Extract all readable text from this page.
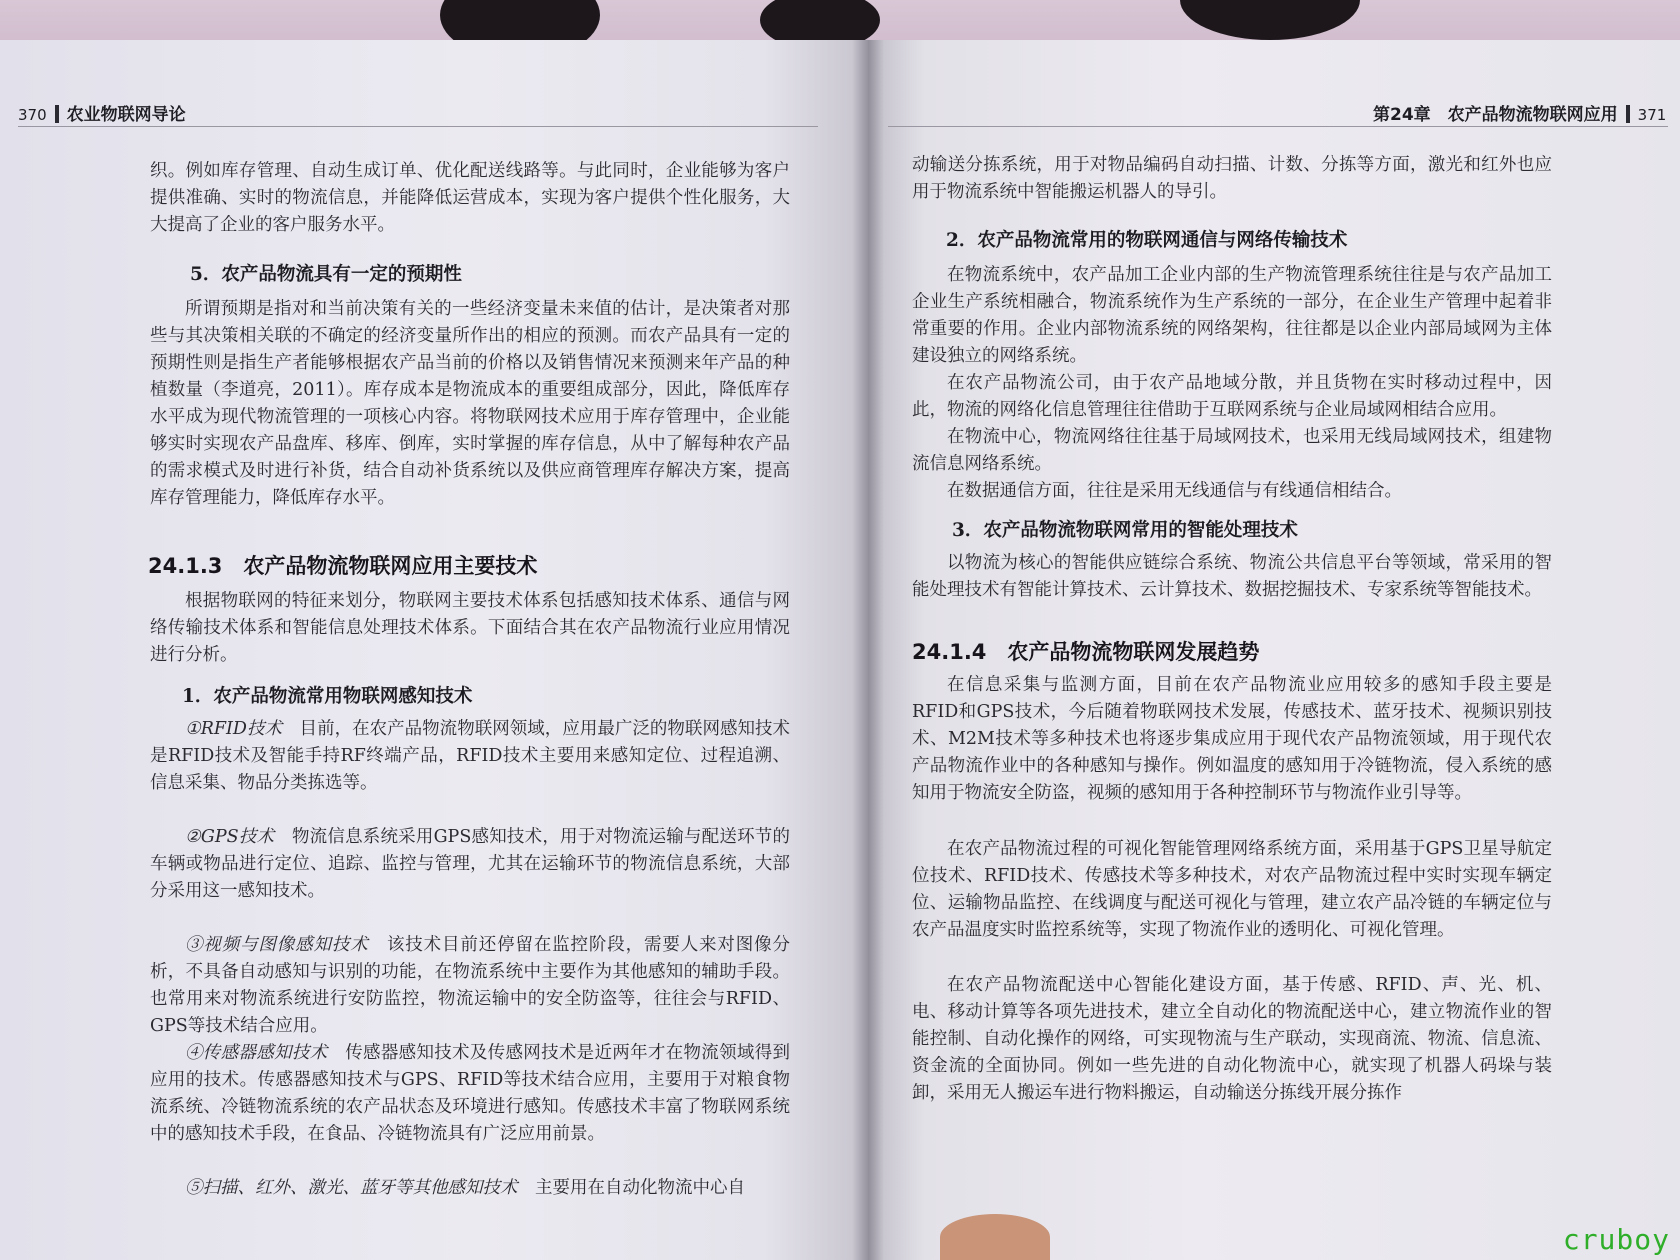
370 农业物联网导论

织。例如库存管理、自动生成订单、优化配送线路等。与此同时，企业能够为客户提供准确、实时的物流信息，并能降低运营成本，实现为客户提供个性化服务，大大提高了企业的客户服务水平。

5．农产品物流具有一定的预期性

所谓预期是指对和当前决策有关的一些经济变量未来值的估计，是决策者对那些与其决策相关联的不确定的经济变量所作出的相应的预测。而农产品具有一定的预期性则是指生产者能够根据农产品当前的价格以及销售情况来预测来年产品的种植数量（李道亮，2011）。库存成本是物流成本的重要组成部分，因此，降低库存水平成为现代物流管理的一项核心内容。将物联网技术应用于库存管理中，企业能够实时实现农产品盘库、移库、倒库，实时掌握的库存信息，从中了解每种农产品的需求模式及时进行补货，结合自动补货系统以及供应商管理库存解决方案，提高库存管理能力，降低库存水平。

24.1.3　农产品物流物联网应用主要技术

根据物联网的特征来划分，物联网主要技术体系包括感知技术体系、通信与网络传输技术体系和智能信息处理技术体系。下面结合其在农产品物流行业应用情况进行分析。

1．农产品物流常用物联网感知技术

①RFID技术　目前，在农产品物流物联网领域，应用最广泛的物联网感知技术是RFID技术及智能手持RF终端产品，RFID技术主要用来感知定位、过程追溯、信息采集、物品分类拣选等。

②GPS技术　物流信息系统采用GPS感知技术，用于对物流运输与配送环节的车辆或物品进行定位、追踪、监控与管理，尤其在运输环节的物流信息系统，大部分采用这一感知技术。

③视频与图像感知技术　该技术目前还停留在监控阶段，需要人来对图像分析，不具备自动感知与识别的功能，在物流系统中主要作为其他感知的辅助手段。也常用来对物流系统进行安防监控，物流运输中的安全防盗等，往往会与RFID、GPS等技术结合应用。

④传感器感知技术　传感器感知技术及传感网技术是近两年才在物流领域得到应用的技术。传感器感知技术与GPS、RFID等技术结合应用，主要用于对粮食物流系统、冷链物流系统的农产品状态及环境进行感知。传感技术丰富了物联网系统中的感知技术手段，在食品、冷链物流具有广泛应用前景。

⑤扫描、红外、激光、蓝牙等其他感知技术　主要用在自动化物流中心自

第24章　 农产品物流物联网应用 371

动输送分拣系统，用于对物品编码自动扫描、计数、分拣等方面，激光和红外也应用于物流系统中智能搬运机器人的导引。

2．农产品物流常用的物联网通信与网络传输技术

在物流系统中，农产品加工企业内部的生产物流管理系统往往是与农产品加工企业生产系统相融合，物流系统作为生产系统的一部分，在企业生产管理中起着非常重要的作用。企业内部物流系统的网络架构，往往都是以企业内部局域网为主体建设独立的网络系统。

在农产品物流公司，由于农产品地域分散，并且货物在实时移动过程中，因此，物流的网络化信息管理往往借助于互联网系统与企业局域网相结合应用。

在物流中心，物流网络往往基于局域网技术，也采用无线局域网技术，组建物流信息网络系统。

在数据通信方面，往往是采用无线通信与有线通信相结合。

3．农产品物流物联网常用的智能处理技术

以物流为核心的智能供应链综合系统、物流公共信息平台等领域，常采用的智能处理技术有智能计算技术、云计算技术、数据挖掘技术、专家系统等智能技术。

24.1.4　农产品物流物联网发展趋势

在信息采集与监测方面，目前在农产品物流业应用较多的感知手段主要是RFID和GPS技术，今后随着物联网技术发展，传感技术、蓝牙技术、视频识别技术、M2M技术等多种技术也将逐步集成应用于现代农产品物流领域，用于现代农产品物流作业中的各种感知与操作。例如温度的感知用于冷链物流，侵入系统的感知用于物流安全防盗，视频的感知用于各种控制环节与物流作业引导等。

在农产品物流过程的可视化智能管理网络系统方面，采用基于GPS卫星导航定位技术、RFID技术、传感技术等多种技术，对农产品物流过程中实时实现车辆定位、运输物品监控、在线调度与配送可视化与管理，建立农产品冷链的车辆定位与农产品温度实时监控系统等，实现了物流作业的透明化、可视化管理。

在农产品物流配送中心智能化建设方面，基于传感、RFID、声、光、机、电、移动计算等各项先进技术，建立全自动化的物流配送中心，建立物流作业的智能控制、自动化操作的网络，可实现物流与生产联动，实现商流、物流、信息流、资金流的全面协同。例如一些先进的自动化物流中心，就实现了机器人码垛与装卸，采用无人搬运车进行物料搬运，自动输送分拣线开展分拣作

cruboy
